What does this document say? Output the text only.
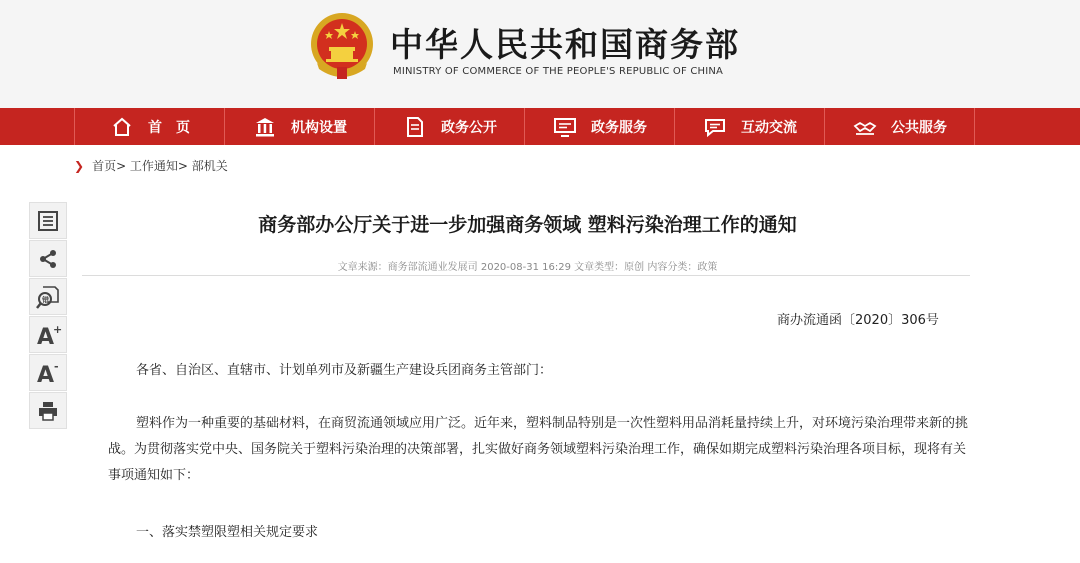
中华人民共和国商务部
MINISTRY OF COMMERCE OF THE PEOPLE'S REPUBLIC OF CHINA
首　页	机构设置	政务公开	政务服务	互动交流	公共服务
❯ 首页> 工作通知> 部机关
错
A
+
A -
商务部办公厅关于进一步加强商务领域 塑料污染治理工作的通知
文章来源：商务部流通业发展司 2020-08-31 16:29 文章类型：原创 内容分类：政策
商办流通函〔2020〕306号
各省、自治区、直辖市、计划单列市及新疆生产建设兵团商务主管部门：
塑料作为一种重要的基础材料，在商贸流通领域应用广泛。近年来，塑料制品特别是一次性塑料用品消耗量持续上升，对环境污染治理带来新的挑战。为贯彻落实党中央、国务院关于塑料污染治理的决策部署，扎实做好商务领域塑料污染治理工作，确保如期完成塑料污染治理各项目标，现将有关事项通知如下：
一、落实禁塑限塑相关规定要求
